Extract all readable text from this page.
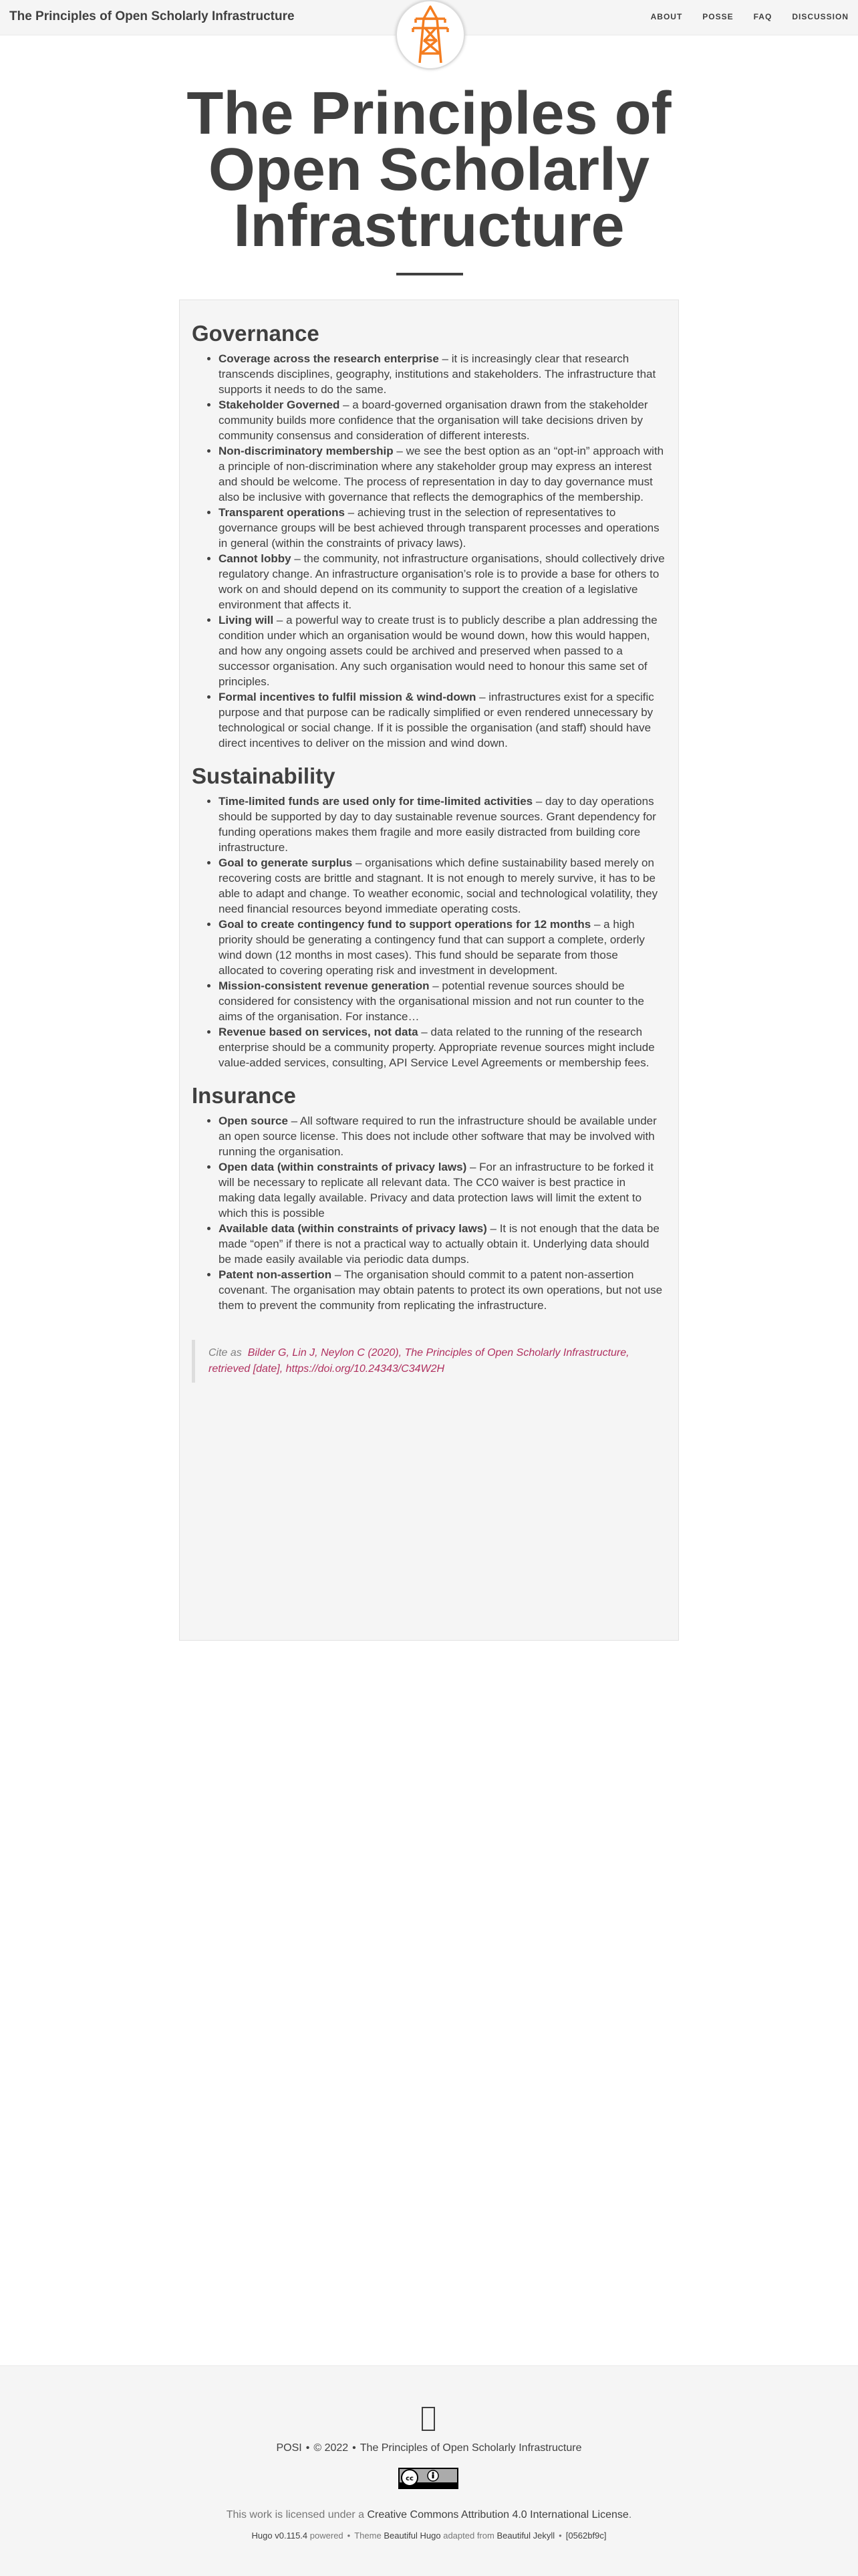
The Principles of Open Scholarly Infrastructure	ABOUT	POSSE	FAQ	DISCUSSION
The Principles of
Open Scholarly
Infrastructure
Governance
• Coverage across the research enterprise – it is increasingly clear that research transcends disciplines, geography, institutions and stakeholders. The infrastructure that supports it needs to do the same.
• Stakeholder Governed – a board-governed organisation drawn from the stakeholder community builds more confidence that the organisation will take decisions driven by community consensus and consideration of different interests.
• Non-discriminatory membership – we see the best option as an “opt-in” approach with a principle of non-discrimination where any stakeholder group may express an interest and should be welcome. The process of representation in day to day governance must also be inclusive with governance that reflects the demographics of the membership.
• Transparent operations – achieving trust in the selection of representatives to governance groups will be best achieved through transparent processes and operations in general (within the constraints of privacy laws).
• Cannot lobby – the community, not infrastructure organisations, should collectively drive regulatory change. An infrastructure organisation’s role is to provide a base for others to work on and should depend on its community to support the creation of a legislative environment that affects it.
• Living will – a powerful way to create trust is to publicly describe a plan addressing the condition under which an organisation would be wound down, how this would happen, and how any ongoing assets could be archived and preserved when passed to a successor organisation. Any such organisation would need to honour this same set of principles.
• Formal incentives to fulfil mission & wind-down – infrastructures exist for a specific purpose and that purpose can be radically simplified or even rendered unnecessary by technological or social change. If it is possible the organisation (and staff) should have direct incentives to deliver on the mission and wind down.
Sustainability
• Time-limited funds are used only for time-limited activities – day to day operations should be supported by day to day sustainable revenue sources. Grant dependency for funding operations makes them fragile and more easily distracted from building core infrastructure.
• Goal to generate surplus – organisations which define sustainability based merely on recovering costs are brittle and stagnant. It is not enough to merely survive, it has to be able to adapt and change. To weather economic, social and technological volatility, they need financial resources beyond immediate operating costs.
• Goal to create contingency fund to support operations for 12 months – a high priority should be generating a contingency fund that can support a complete, orderly wind down (12 months in most cases). This fund should be separate from those allocated to covering operating risk and investment in development.
• Mission-consistent revenue generation – potential revenue sources should be considered for consistency with the organisational mission and not run counter to the aims of the organisation. For instance…
• Revenue based on services, not data – data related to the running of the research enterprise should be a community property. Appropriate revenue sources might include value-added services, consulting, API Service Level Agreements or membership fees.
Insurance
• Open source – All software required to run the infrastructure should be available under an open source license. This does not include other software that may be involved with running the organisation.
• Open data (within constraints of privacy laws) – For an infrastructure to be forked it will be necessary to replicate all relevant data. The CC0 waiver is best practice in making data legally available. Privacy and data protection laws will limit the extent to which this is possible
• Available data (within constraints of privacy laws) – It is not enough that the data be made “open” if there is not a practical way to actually obtain it. Underlying data should be made easily available via periodic data dumps.
• Patent non-assertion – The organisation should commit to a patent non-assertion covenant. The organisation may obtain patents to protect its own operations, but not use them to prevent the community from replicating the infrastructure.
Cite as Bilder G, Lin J, Neylon C (2020), The Principles of Open Scholarly Infrastructure, retrieved [date], https://doi.org/10.24343/C34W2H
POSI • © 2022 • The Principles of Open Scholarly Infrastructure
cc
This work is licensed under a Creative Commons Attribution 4.0 International License.
Hugo v0.115.4 powered • Theme Beautiful Hugo adapted from Beautiful Jekyll • [0562bf9c]
